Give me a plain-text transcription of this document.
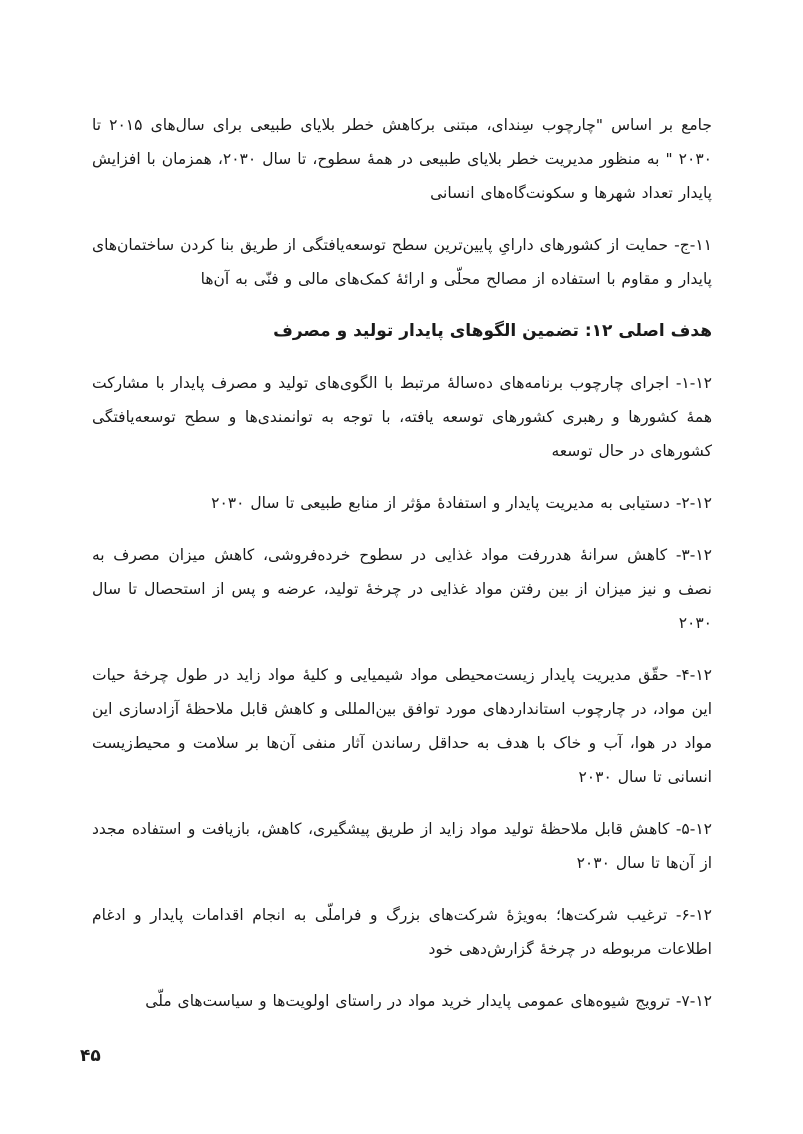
جامع بر اساس "چارچوب سِندای، مبتنی برکاهش خطر بلایای طبیعی برای سال‌های ۲۰۱۵ تا ۲۰۳۰ " به منظور مدیریت خطر بلایای طبیعی در همهٔ سطوح، تا سال ۲۰۳۰، همزمان با افزایش پایدار تعداد شهرها و سکونت‌گاه‌های انسانی

۱۱-ج- حمایت از کشورهای دارایِ پایین‌ترین سطح توسعه‌یافتگی از طریق بنا کردن ساختمان‌های پایدار و مقاوم با استفاده از مصالح محلّی و ارائهٔ کمک‌های مالی و فنّی به آن‌ها

هدف اصلی ۱۲: تضمین الگوهای پایدار تولید و مصرف

۱-۱۲- اجرای چارچوب برنامه‌های ده‌سالهٔ مرتبط با الگوی‌های تولید و مصرف پایدار با مشارکت همهٔ کشورها و رهبری کشورهای توسعه یافته، با توجه به توانمندی‌ها و سطح توسعه‌یافتگی کشورهای در حال توسعه

۲-۱۲- دستیابی به مدیریت پایدار و استفادهٔ مؤثر از منابع طبیعی تا سال ۲۰۳۰

۳-۱۲- کاهش سرانهٔ هدررفت مواد غذایی در سطوح خرده‌فروشی، کاهش میزان مصرف به نصف و نیز میزان از بین رفتن مواد غذایی در چرخهٔ تولید، عرضه و پس از استحصال تا سال ۲۰۳۰

۴-۱۲- حقّق مدیریت پایدار زیست‌محیطی مواد شیمیایی و کلیهٔ مواد زاید در طول چرخهٔ حیات این مواد، در چارچوب استانداردهای مورد توافق بین‌المللی و کاهش قابل ملاحظهٔ آزادسازی این مواد در هوا، آب و خاک با هدف به حداقل رساندن آثار منفی آن‌ها بر سلامت و محیط‌زیست انسانی تا سال ۲۰۳۰

۵-۱۲- کاهش قابل ملاحظهٔ تولید مواد زاید از طریق پیشگیری، کاهش، بازیافت و استفاده مجدد از آن‌ها تا سال ۲۰۳۰

۶-۱۲- ترغیب شرکت‌ها؛ به‌ویژهٔ شرکت‌های بزرگ و فراملّی به انجام اقدامات پایدار و ادغام اطلاعات مربوطه در چرخهٔ گزارش‌دهی خود

۷-۱۲- ترویج شیوه‌های عمومی پایدار خرید مواد در راستای اولویت‌ها و سیاست‌های ملّی

۴۵
